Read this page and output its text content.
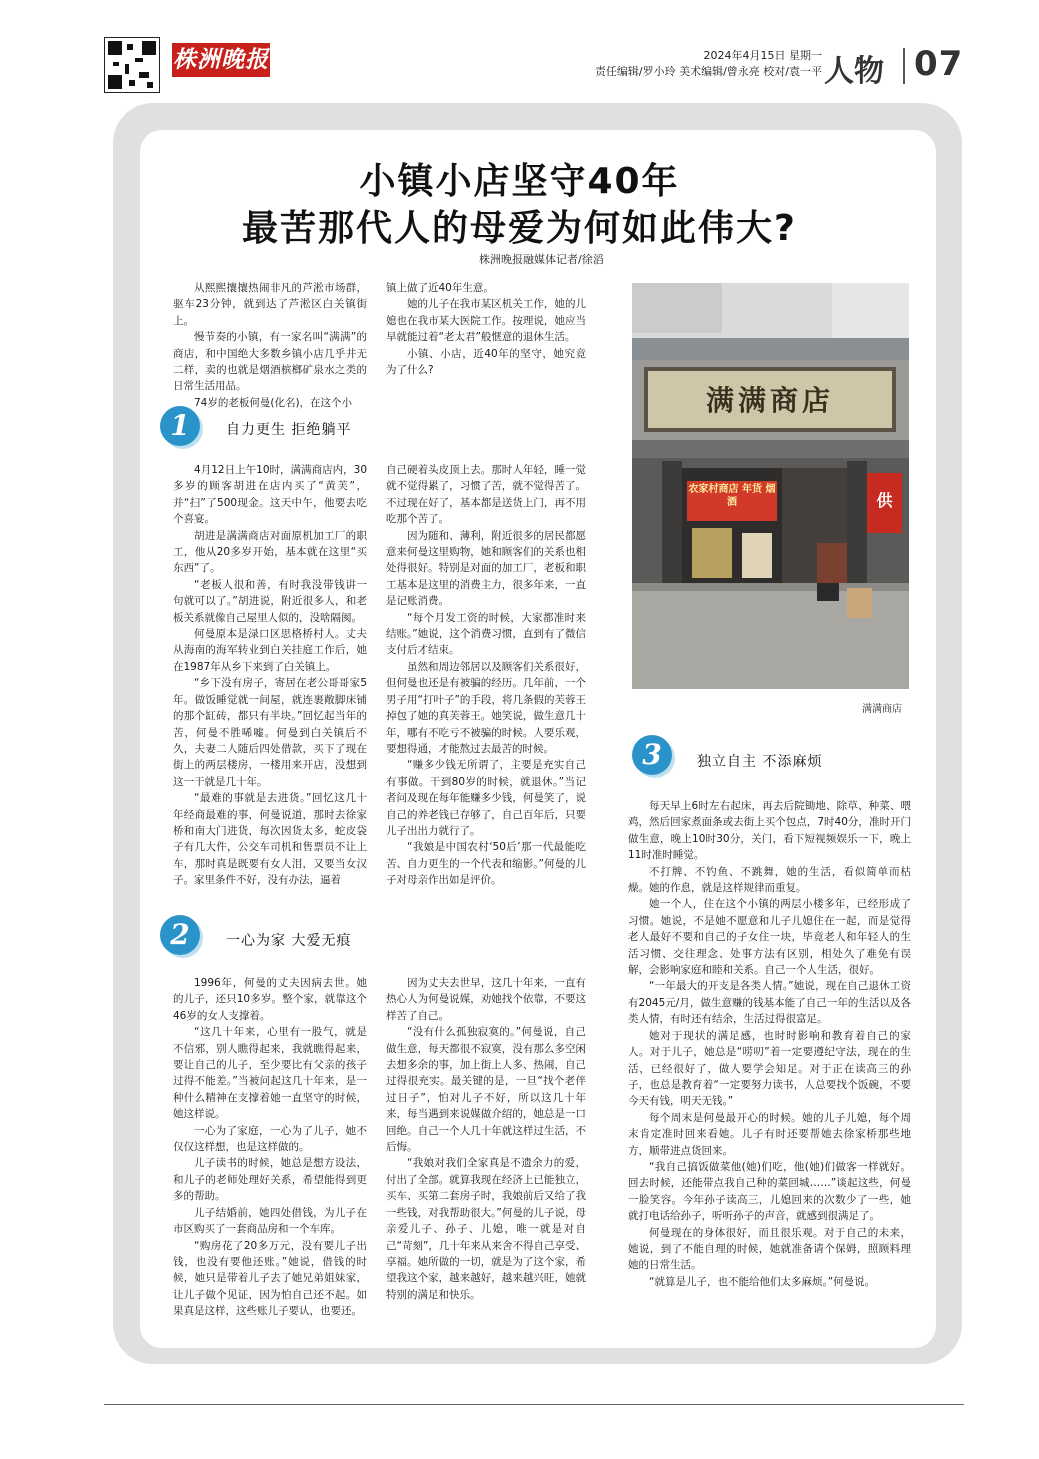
株洲晚报	2024年4月15日 星期一
责任编辑/罗小玲 美术编辑/曾永亮 校对/袁一平 人物 07
小镇小店坚守40年
最苦那代人的母爱为何如此伟大?
株洲晚报融媒体记者/徐滔

从熙熙攘攘热闹非凡的芦淞市场群，驱车23分钟，就到达了芦淞区白关镇街上。

慢节奏的小镇，有一家名叫“满满”的商店，和中国绝大多数乡镇小店几乎井无二样，卖的也就是烟酒槟榔矿泉水之类的日常生活用品。

74岁的老板何曼(化名)，在这个小

镇上做了近40年生意。

她的儿子在我市某区机关工作，她的儿媳也在我市某大医院工作。按理说，她应当早就能过着“老太君”般惬意的退休生活。

小镇、小店，近40年的坚守，她究竟为了什么?

1	自力更生 拒绝躺平

4月12日上午10时，满满商店内，30多岁的顾客胡进在店内买了“黄芙”，并“扫”了500现金。这天中午，他要去吃个喜宴。

胡进是满满商店对面原机加工厂的职工，他从20多岁开始，基本就在这里“买东西”了。

“老板人很和善，有时我没带钱讲一句就可以了。”胡进说，附近很多人，和老板关系就像自己屋里人似的，没啥隔阂。

何曼原本是渌口区思格桥村人。丈夫从海南的海军转业到白关挂庭工作后，她在1987年从乡下来到了白关镇上。

“乡下没有房子，寄居在老公哥哥家5年。做饭睡觉就一间屋，就连裹敞脚床铺的那个缸砖，都只有半块。”回忆起当年的苦，何曼不胜唏嘘。何曼到白关镇后不久，夫妻二人随后四处借款，买下了现在街上的两层楼房，一楼用来开店，没想到这一干就是几十年。

“最难的事就是去进货。”回忆这几十年经商最难的事，何曼说道，那时去徐家桥和南大门进货，每次因货太多，蛇皮袋子有几大件，公交车司机和售票员不让上车，那时真是既要有女人泪，又要当女汉子。家里条件不好，没有办法，逼着

自己硬着头皮顶上去。那时人年轻，睡一觉就不觉得累了，习惯了苦，就不觉得苦了。不过现在好了，基本都是送货上门，再不用吃那个苦了。

因为随和、薄利，附近很多的居民都愿意来何曼这里购物，她和顾客们的关系也相处得很好。特别是对面的加工厂，老板和职工基本是这里的消费主力，很多年来，一直是记账消费。

“每个月发工资的时候，大家都准时来结账。”她说，这个消费习惯，直到有了微信支付后才结束。

虽然和周边邻居以及顾客们关系很好，但何曼也还是有被骗的经历。几年前，一个男子用“打叶子”的手段，将几条假的芙蓉王掉包了她的真芙蓉王。她笑说，做生意几十年，哪有不吃亏不被骗的时候。人要乐观，要想得通，才能熬过去最苦的时候。

“赚多少钱无所谓了，主要是充实自己有事做。干到80岁的时候，就退休。”当记者问及现在每年能赚多少钱，何曼笑了，说自己的养老钱已存够了，自己百年后，只要儿子出出力就行了。

“我娘是中国农村‘50后’那一代最能吃苦、自力更生的一个代表和缩影。”何曼的儿子对母亲作出如是评价。

2	一心为家 大爱无痕

1996年，何曼的丈夫因病去世。她的儿子，还只10多岁。整个家，就靠这个46岁的女人支撑着。

“这几十年来，心里有一股气，就是不信邪，别人瞧得起来，我就瞧得起来，要让自己的儿子，至少要比有父亲的孩子过得不能差。”当被问起这几十年来，是一种什么精神在支撑着她一直坚守的时候，她这样说。

一心为了家庭，一心为了儿子，她不仅仅这样想，也是这样做的。

儿子读书的时候，她总是想方设法，和儿子的老师处理好关系，希望能得到更多的帮助。

儿子结婚前，她四处借钱，为儿子在市区购买了一套商品房和一个车库。

“购房花了20多万元，没有要儿子出钱，也没有要他还账。”她说，借钱的时候，她只是带着儿子去了她兄弟姐妹家，让儿子做个见证，因为怕自己还不起。如果真是这样，这些账儿子要认，也要还。

因为丈夫去世早，这几十年来，一直有热心人为何曼说媒，劝她找个依靠，不要这样苦了自己。

“没有什么孤独寂寞的。”何曼说，自己做生意，每天都很不寂寞，没有那么多空闲去想多余的事，加上街上人多、热闹，自己过得很充实。最关键的是，一旦“找个老伴过日子”，怕对儿子不好，所以这几十年来，每当遇到来说媒做介绍的，她总是一口回绝。自己一个人几十年就这样过生活，不后悔。

“我娘对我们全家真是不遗余力的爱，付出了全部。就算我现在经济上已能独立，买车、买第二套房子时，我娘前后又给了我一些钱，对我帮助很大。”何曼的儿子说，母亲爱儿子、孙子、儿媳，唯一就是对自己“苛刻”，几十年来从来舍不得自己享受、享福。她所做的一切，就是为了这个家，希望我这个家，越来越好，越来越兴旺，她就特别的满足和快乐。

满满商店
农家村商店 年货 烟酒	供
满满商店
3	独立自主 不添麻烦

每天早上6时左右起床，再去后院锄地、除草、种菜、喂鸡，然后回家煮面条或去街上买个包点，7时40分，准时开门做生意，晚上10时30分，关门，看下短视频娱乐一下，晚上11时准时睡觉。

不打牌、不钓鱼、不跳舞，她的生活，看似简单而枯燥。她的作息，就是这样规律而重复。

她一个人，住在这个小镇的两层小楼多年，已经形成了习惯。她说，不是她不愿意和儿子儿媳住在一起，而是觉得老人最好不要和自己的子女住一块，毕竟老人和年轻人的生活习惯、交往理念、处事方法有区别，相处久了难免有误解，会影响家庭和睦和关系。自己一个人生活，很好。

“一年最大的开支是各类人情。”她说，现在自己退休工资有2045元/月，做生意赚的钱基本能了自己一年的生活以及各类人情，有时还有结余，生活过得很富足。

她对于现状的满足感，也时时影响和教育着自己的家人。对于儿子，她总是“唠叨”着一定要遵纪守法，现在的生活，已经很好了，做人要学会知足。对于正在读高三的孙子，也总是教育着“一定要努力读书，人总要找个饭碗，不要今天有钱，明天无钱。”

每个周末是何曼最开心的时候。她的儿子儿媳，每个周末肯定准时回来看她。儿子有时还要帮她去徐家桥那些地方，顺带进点货回来。

“我自己搞饭做菜他(她)们吃，他(她)们做客一样就好。回去时候，还能带点我自己种的菜回城……”谈起这些，何曼一脸笑容。今年孙子读高三，儿媳回来的次数少了一些，她就打电话给孙子，听听孙子的声音，就感到很满足了。

何曼现在的身体很好，而且很乐观。对于自己的未来，她说，到了不能自理的时候，她就准备请个保姆，照顾料理她的日常生活。

“就算是儿子，也不能给他们太多麻烦。”何曼说。
